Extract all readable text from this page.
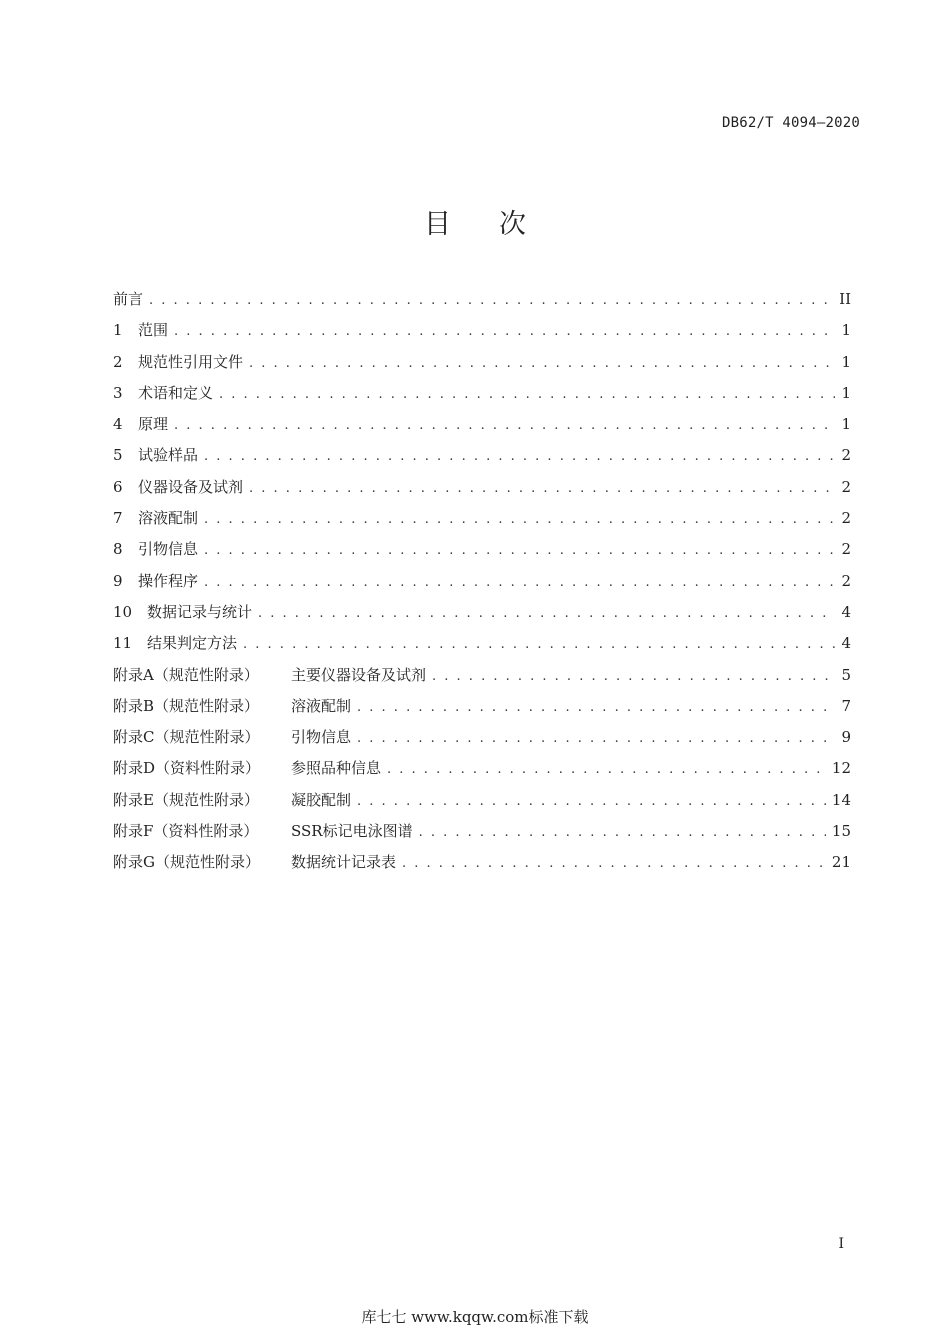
DB62/T 4094—2020
目 次
前言 . . .	II
1	范围 . . .	1
2	规范性引用文件 . . .	1
3	术语和定义 . . .	1
4	原理 . . .	1
5	试验样品 . . .	2
6	仪器设备及试剂 . . .	2
7	溶液配制 . . .	2
8	引物信息 . . .	2
9	操作程序 . . .	2
10 数据记录与统计 . . .	4
11 结果判定方法 . . .	4
附录A（规范性附录）	主要仪器设备及试剂 . . .	5
附录B（规范性附录）	溶液配制 . . .	7
附录C（规范性附录）	引物信息 . . .	9
附录D（资料性附录）	参照品种信息 . . .	12
附录E（规范性附录）	凝胶配制 . . .	14
附录F（资料性附录）	SSR标记电泳图谱 . . .	15
附录G（规范性附录）	数据统计记录表 . . .	21
I
库七七 www.kqqw.com标准下载
